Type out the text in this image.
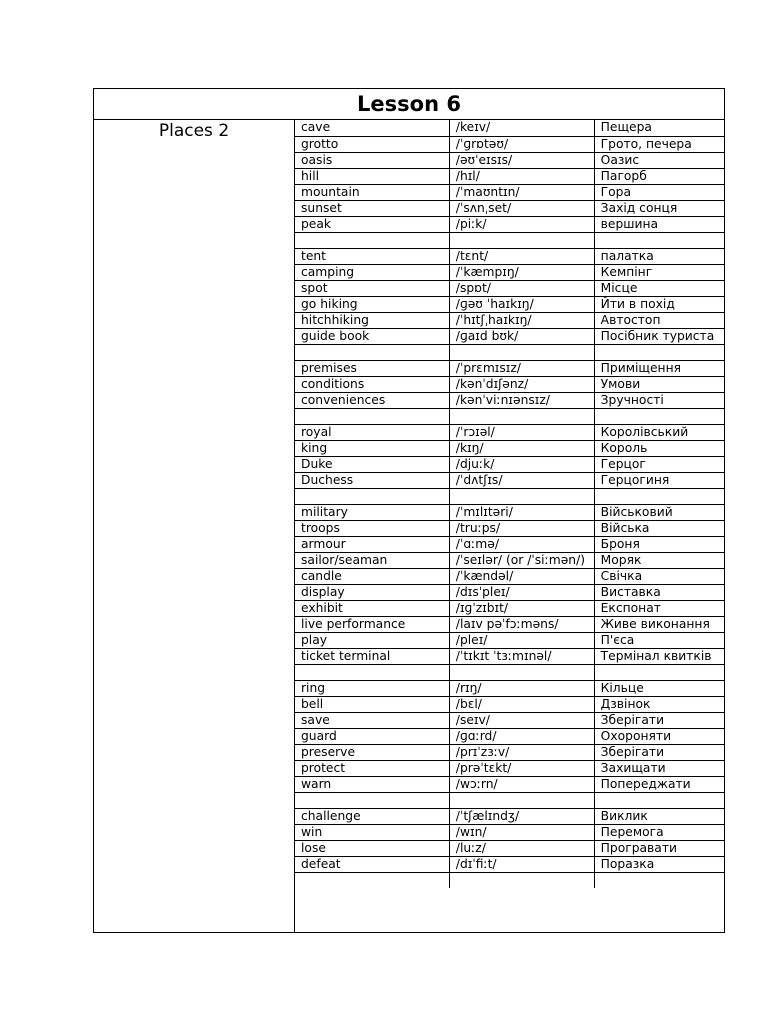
Lesson 6
Places 2	cave	/keɪv/	Пещера
grotto	/ˈɡrɒtəʊ/	Грото, печера
oasis	/əʊˈeɪsɪs/	Оазис
hill	/hɪl/	Пагорб
mountain	/ˈmaʊntɪn/	Гора
sunset	/ˈsʌnˌset/	Захід сонця
peak	/piːk/	вершина

tent	/tɛnt/	палатка
camping	/ˈkæmpɪŋ/	Кемпінг
spot	/spɒt/	Місце
go hiking	/ɡəʊ ˈhaɪkɪŋ/	Йти в похід
hitchhiking	/ˈhɪtʃˌhaɪkɪŋ/	Автостоп
guide book	/ɡaɪd bʊk/	Посібник туриста

premises	/ˈprɛmɪsɪz/	Приміщення
conditions	/kənˈdɪʃənz/	Умови
conveniences	/kənˈviːnɪənsɪz/	Зручності

royal	/ˈrɔɪəl/	Королівський
king	/kɪŋ/	Король
Duke	/djuːk/	Герцог
Duchess	/ˈdʌtʃɪs/	Герцогиня

military	/ˈmɪlɪtəri/	Військовий
troops	/truːps/	Війська
armour	/ˈɑːmə/	Броня
sailor/seaman	/ˈseɪlər/ (or /ˈsiːmən/)	Моряк
candle	/ˈkændəl/	Свічка
display	/dɪsˈpleɪ/	Виставка
exhibit	/ɪɡˈzɪbɪt/	Експонат
live performance	/laɪv pəˈfɔːməns/	Живе виконання
play	/pleɪ/	П'єса
ticket terminal	/ˈtɪkɪt ˈtɜːmɪnəl/	Термінал квитків

ring	/rɪŋ/	Кільце
bell	/bɛl/	Дзвінок
save	/seɪv/	Зберігати
guard	/ɡɑːrd/	Охороняти
preserve	/prɪˈzɜːv/	Зберігати
protect	/prəˈtɛkt/	Захищати
warn	/wɔːrn/	Попереджати

challenge	/ˈtʃælɪndʒ/	Виклик
win	/wɪn/	Перемога
lose	/luːz/	Програвати
defeat	/dɪˈfiːt/	Поразка
